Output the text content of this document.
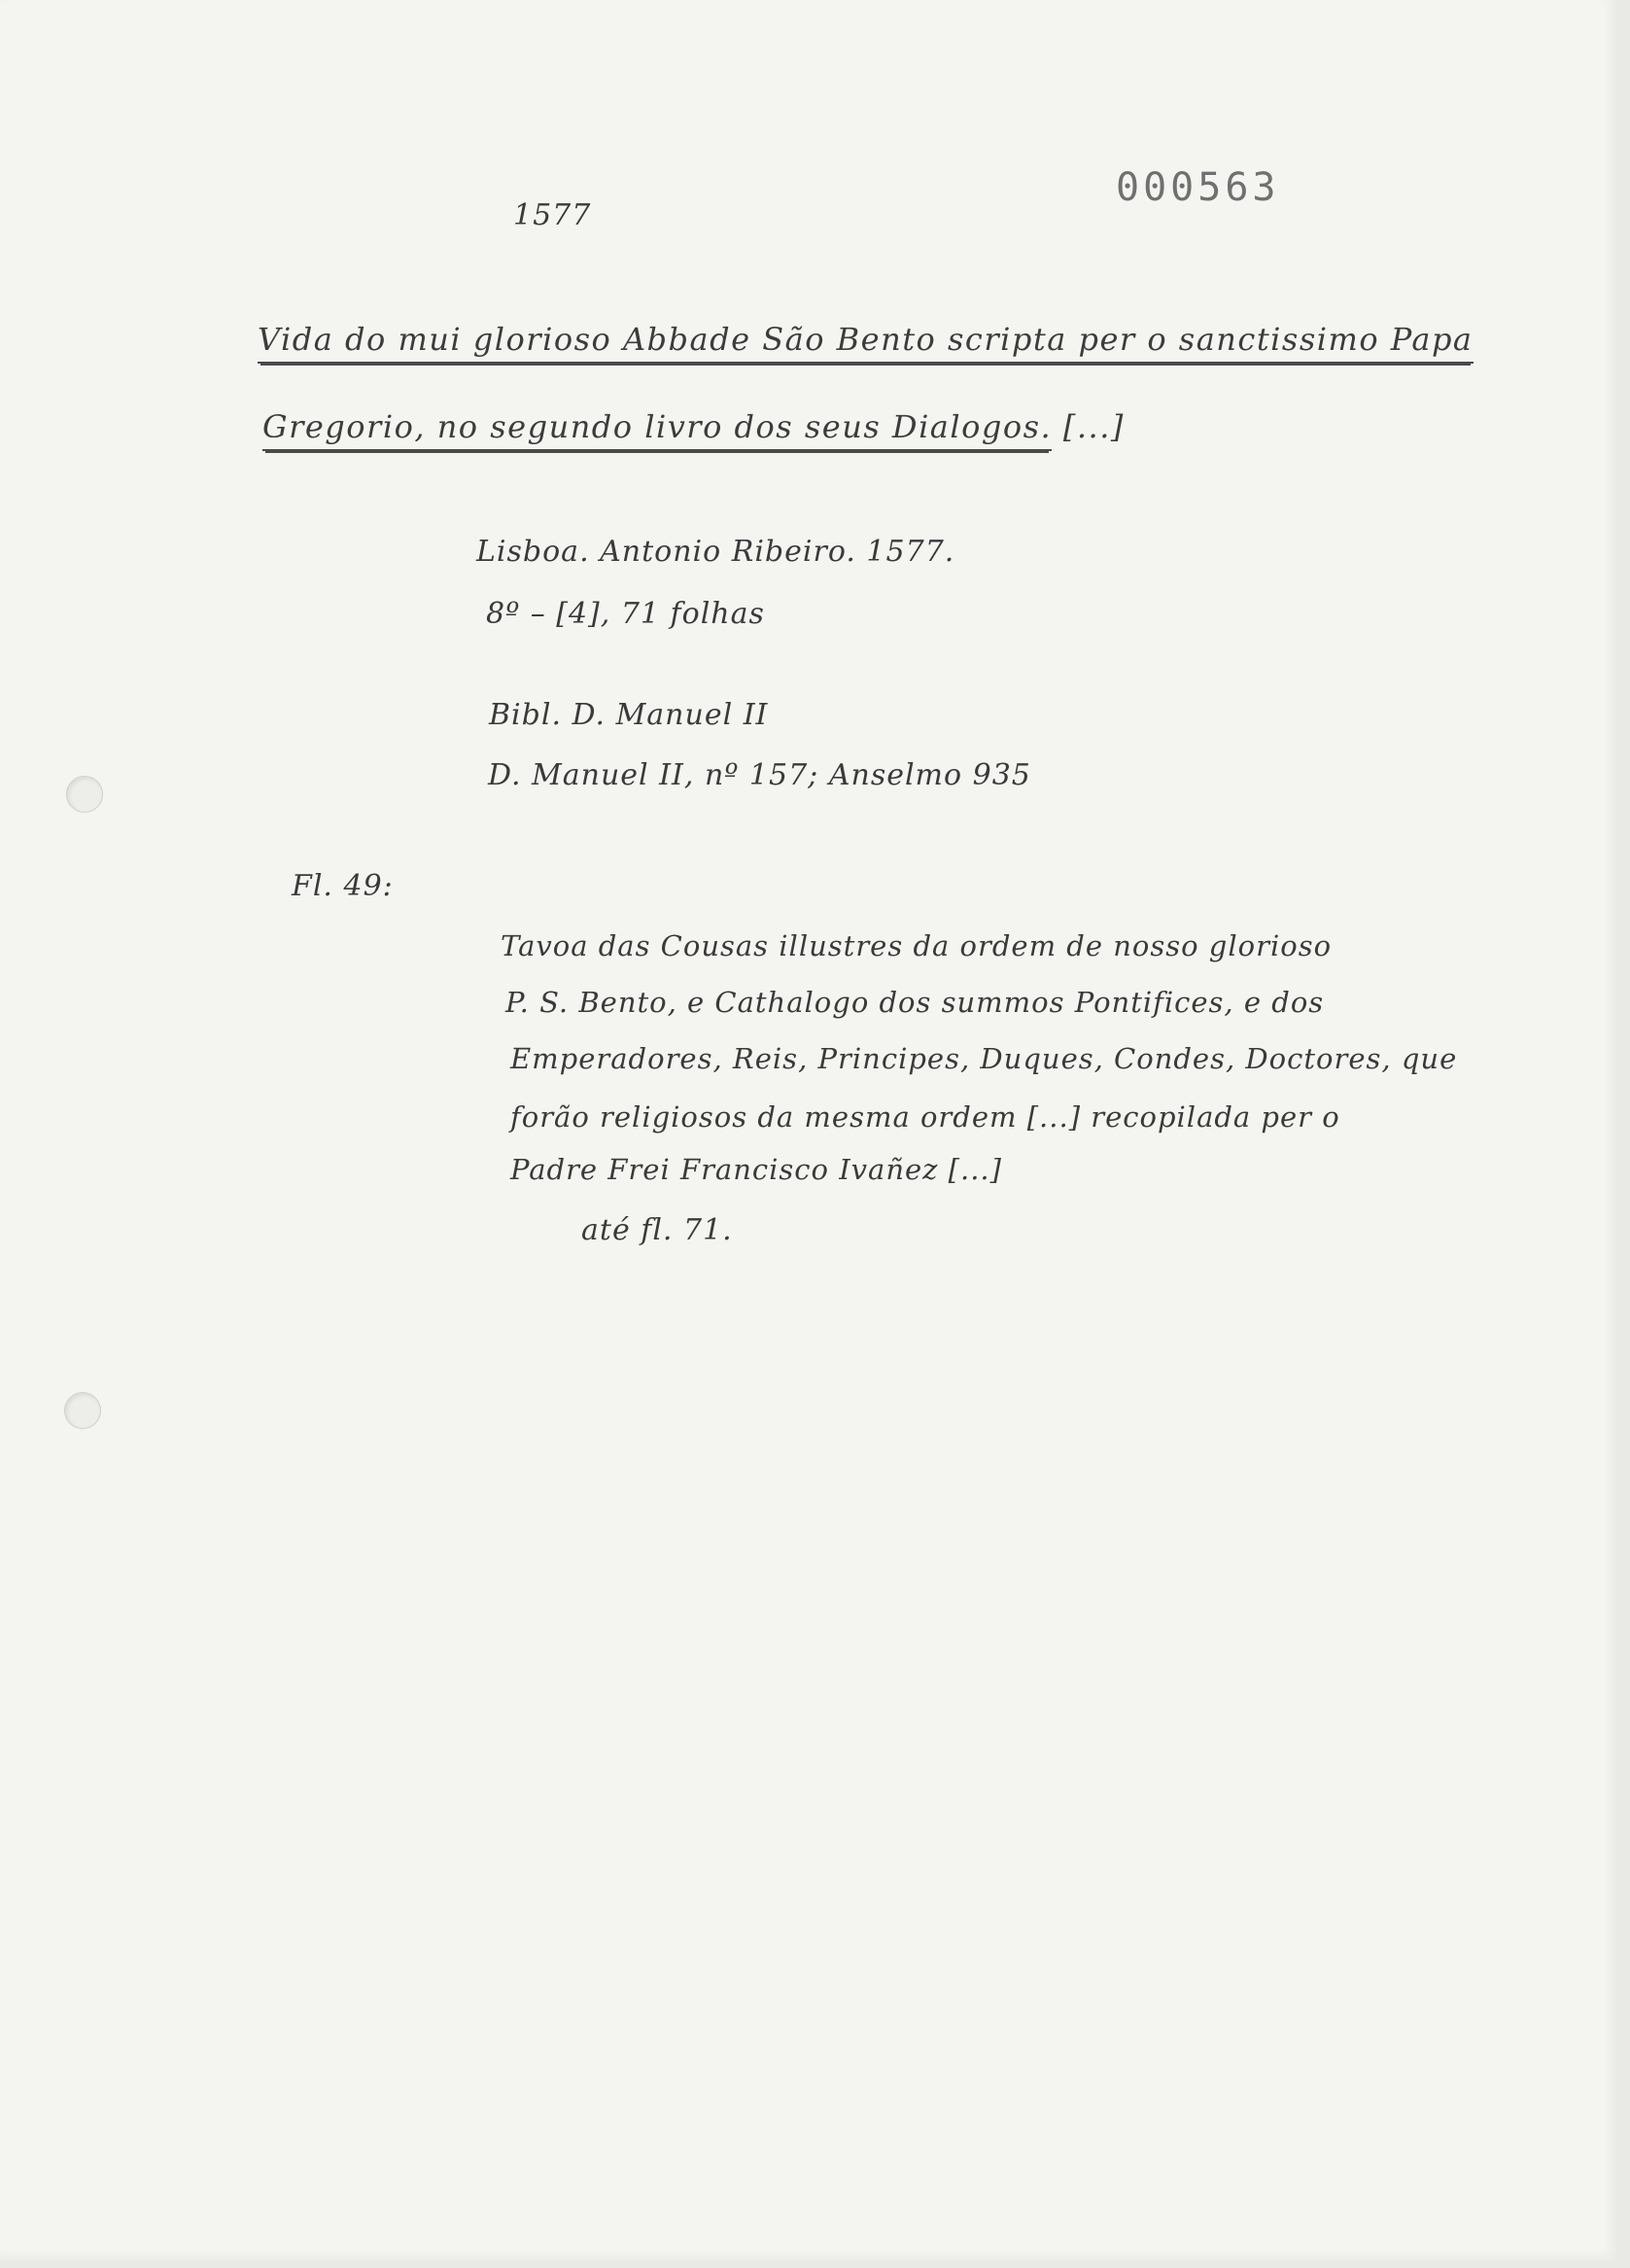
1577
000563
Vida do mui glorioso Abbade São Bento scripta per o sanctissimo Papa
Gregorio, no segundo livro dos seus Dialogos. [...]
Lisboa. Antonio Ribeiro. 1577.
8º – [4], 71 folhas
Bibl. D. Manuel II
D. Manuel II, nº 157; Anselmo 935
Fl. 49:
Tavoa das Cousas illustres da ordem de nosso glorioso
P. S. Bento, e Cathalogo dos summos Pontifices, e dos
Emperadores, Reis, Principes, Duques, Condes, Doctores, que
forão religiosos da mesma ordem [...] recopilada per o
Padre Frei Francisco Ivañez [...]
até fl. 71.
